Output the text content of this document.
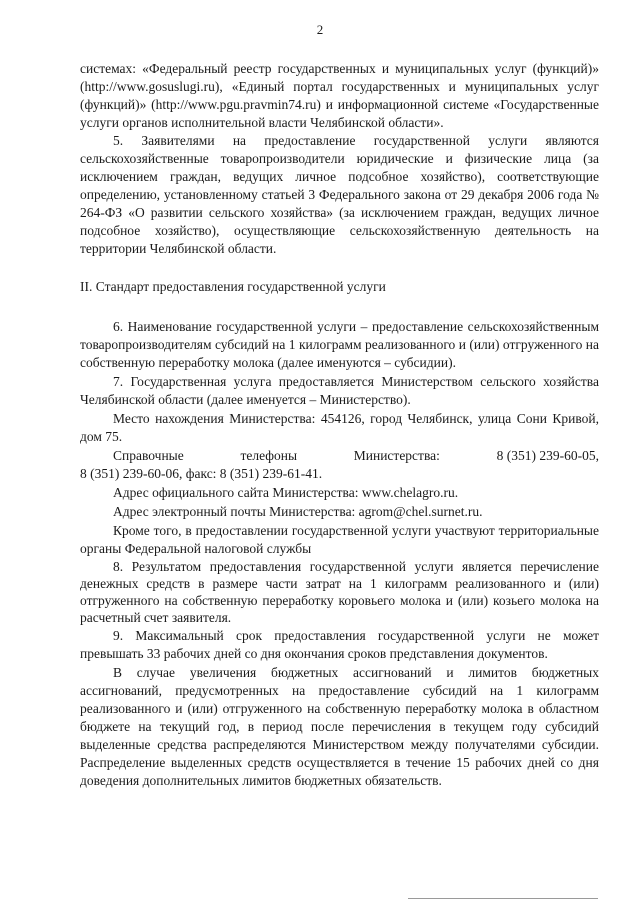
2

системах: «Федеральный реестр государственных и муниципальных услуг (функций)» (http://www.gosuslugi.ru), «Единый портал государственных и муниципальных услуг (функций)» (http://www.pgu.pravmin74.ru) и информационной системе «Государственные услуги органов исполнительной власти Челябинской области».

5. Заявителями на предоставление государственной услуги являются сельскохозяйственные товаропроизводители юридические и физические лица (за исключением граждан, ведущих личное подсобное хозяйство), соответствующие определению, установленному статьей 3 Федерального закона от 29 декабря 2006 года № 264-ФЗ «О развитии сельского хозяйства» (за исключением граждан, ведущих личное подсобное хозяйство), осуществляющие сельскохозяйственную деятельность на территории Челябинской области.

II. Стандарт предоставления государственной услуги

6. Наименование государственной услуги – предоставление сельскохозяйственным товаропроизводителям субсидий на 1 килограмм реализованного и (или) отгруженного на собственную переработку молока (далее именуются – субсидии).

7. Государственная услуга предоставляется Министерством сельского хозяйства Челябинской области (далее именуется – Министерство).

Место нахождения Министерства: 454126, город Челябинск, улица Сони Кривой, дом 75.

Справочные	телефоны	Министерства:	8 (351) 239-60-05,

8 (351) 239-60-06, факс: 8 (351) 239-61-41.

Адрес официального сайта Министерства: www.chelagro.ru.

Адрес электронный почты Министерства: agrom@chel.surnet.ru.

Кроме того, в предоставлении государственной услуги участвуют территориальные органы Федеральной налоговой службы

8. Результатом предоставления государственной услуги является перечисление денежных средств в размере части затрат на 1 килограмм реализованного и (или) отгруженного на собственную переработку коровьего молока и (или) козьего молока на расчетный счет заявителя.

9. Максимальный срок предоставления государственной услуги не может превышать 33 рабочих дней со дня окончания сроков представления документов.

В случае увеличения бюджетных ассигнований и лимитов бюджетных ассигнований, предусмотренных на предоставление субсидий на 1 килограмм реализованного и (или) отгруженного на собственную переработку молока в областном бюджете на текущий год, в период после перечисления в текущем году субсидий выделенные средства распределяются Министерством между получателями субсидии. Распределение выделенных средств осуществляется в течение 15 рабочих дней со дня доведения дополнительных лимитов бюджетных обязательств.
